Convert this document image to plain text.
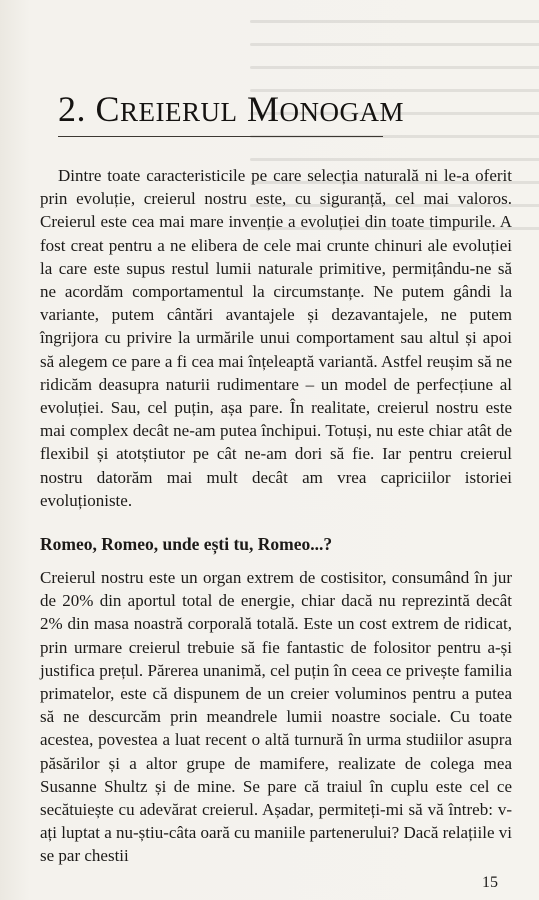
2. CREIERUL MONOGAM

Dintre toate caracteristicile pe care selecția naturală ni le-a oferit prin evoluție, creierul nostru este, cu siguranță, cel mai valoros. Creierul este cea mai mare invenție a evoluției din toate timpurile. A fost creat pentru a ne elibera de cele mai crunte chinuri ale evoluției la care este supus restul lumii naturale primitive, permițându-ne să ne acordăm comportamentul la circumstanțe. Ne putem gândi la variante, putem cântări avantajele și dezavantajele, ne putem îngrijora cu privire la urmările unui comportament sau altul și apoi să alegem ce pare a fi cea mai înțeleaptă variantă. Astfel reușim să ne ridicăm deasupra naturii rudimentare – un model de perfecțiune al evoluției. Sau, cel puțin, așa pare. În realitate, creierul nostru este mai complex decât ne-am putea închipui. Totuși, nu este chiar atât de flexibil și atotștiutor pe cât ne-am dori să fie. Iar pentru creierul nostru datorăm mai mult decât am vrea capriciilor istoriei evoluționiste.

Romeo, Romeo, unde ești tu, Romeo...?

Creierul nostru este un organ extrem de costisitor, consumând în jur de 20% din aportul total de energie, chiar dacă nu reprezintă decât 2% din masa noastră corporală totală. Este un cost extrem de ridicat, prin urmare creierul trebuie să fie fantastic de folositor pentru a-și justifica prețul. Părerea unanimă, cel puțin în ceea ce privește familia primatelor, este că dispunem de un creier voluminos pentru a putea să ne descurcăm prin meandrele lumii noastre sociale. Cu toate acestea, povestea a luat recent o altă turnură în urma studiilor asupra păsărilor și a altor grupe de mamifere, realizate de colega mea Susanne Shultz și de mine. Se pare că traiul în cuplu este cel ce secătuiește cu adevărat creierul. Așadar, permiteți-mi să vă întreb: v-ați luptat a nu-știu-câta oară cu maniile partenerului? Dacă relațiile vi se par chestii

15
